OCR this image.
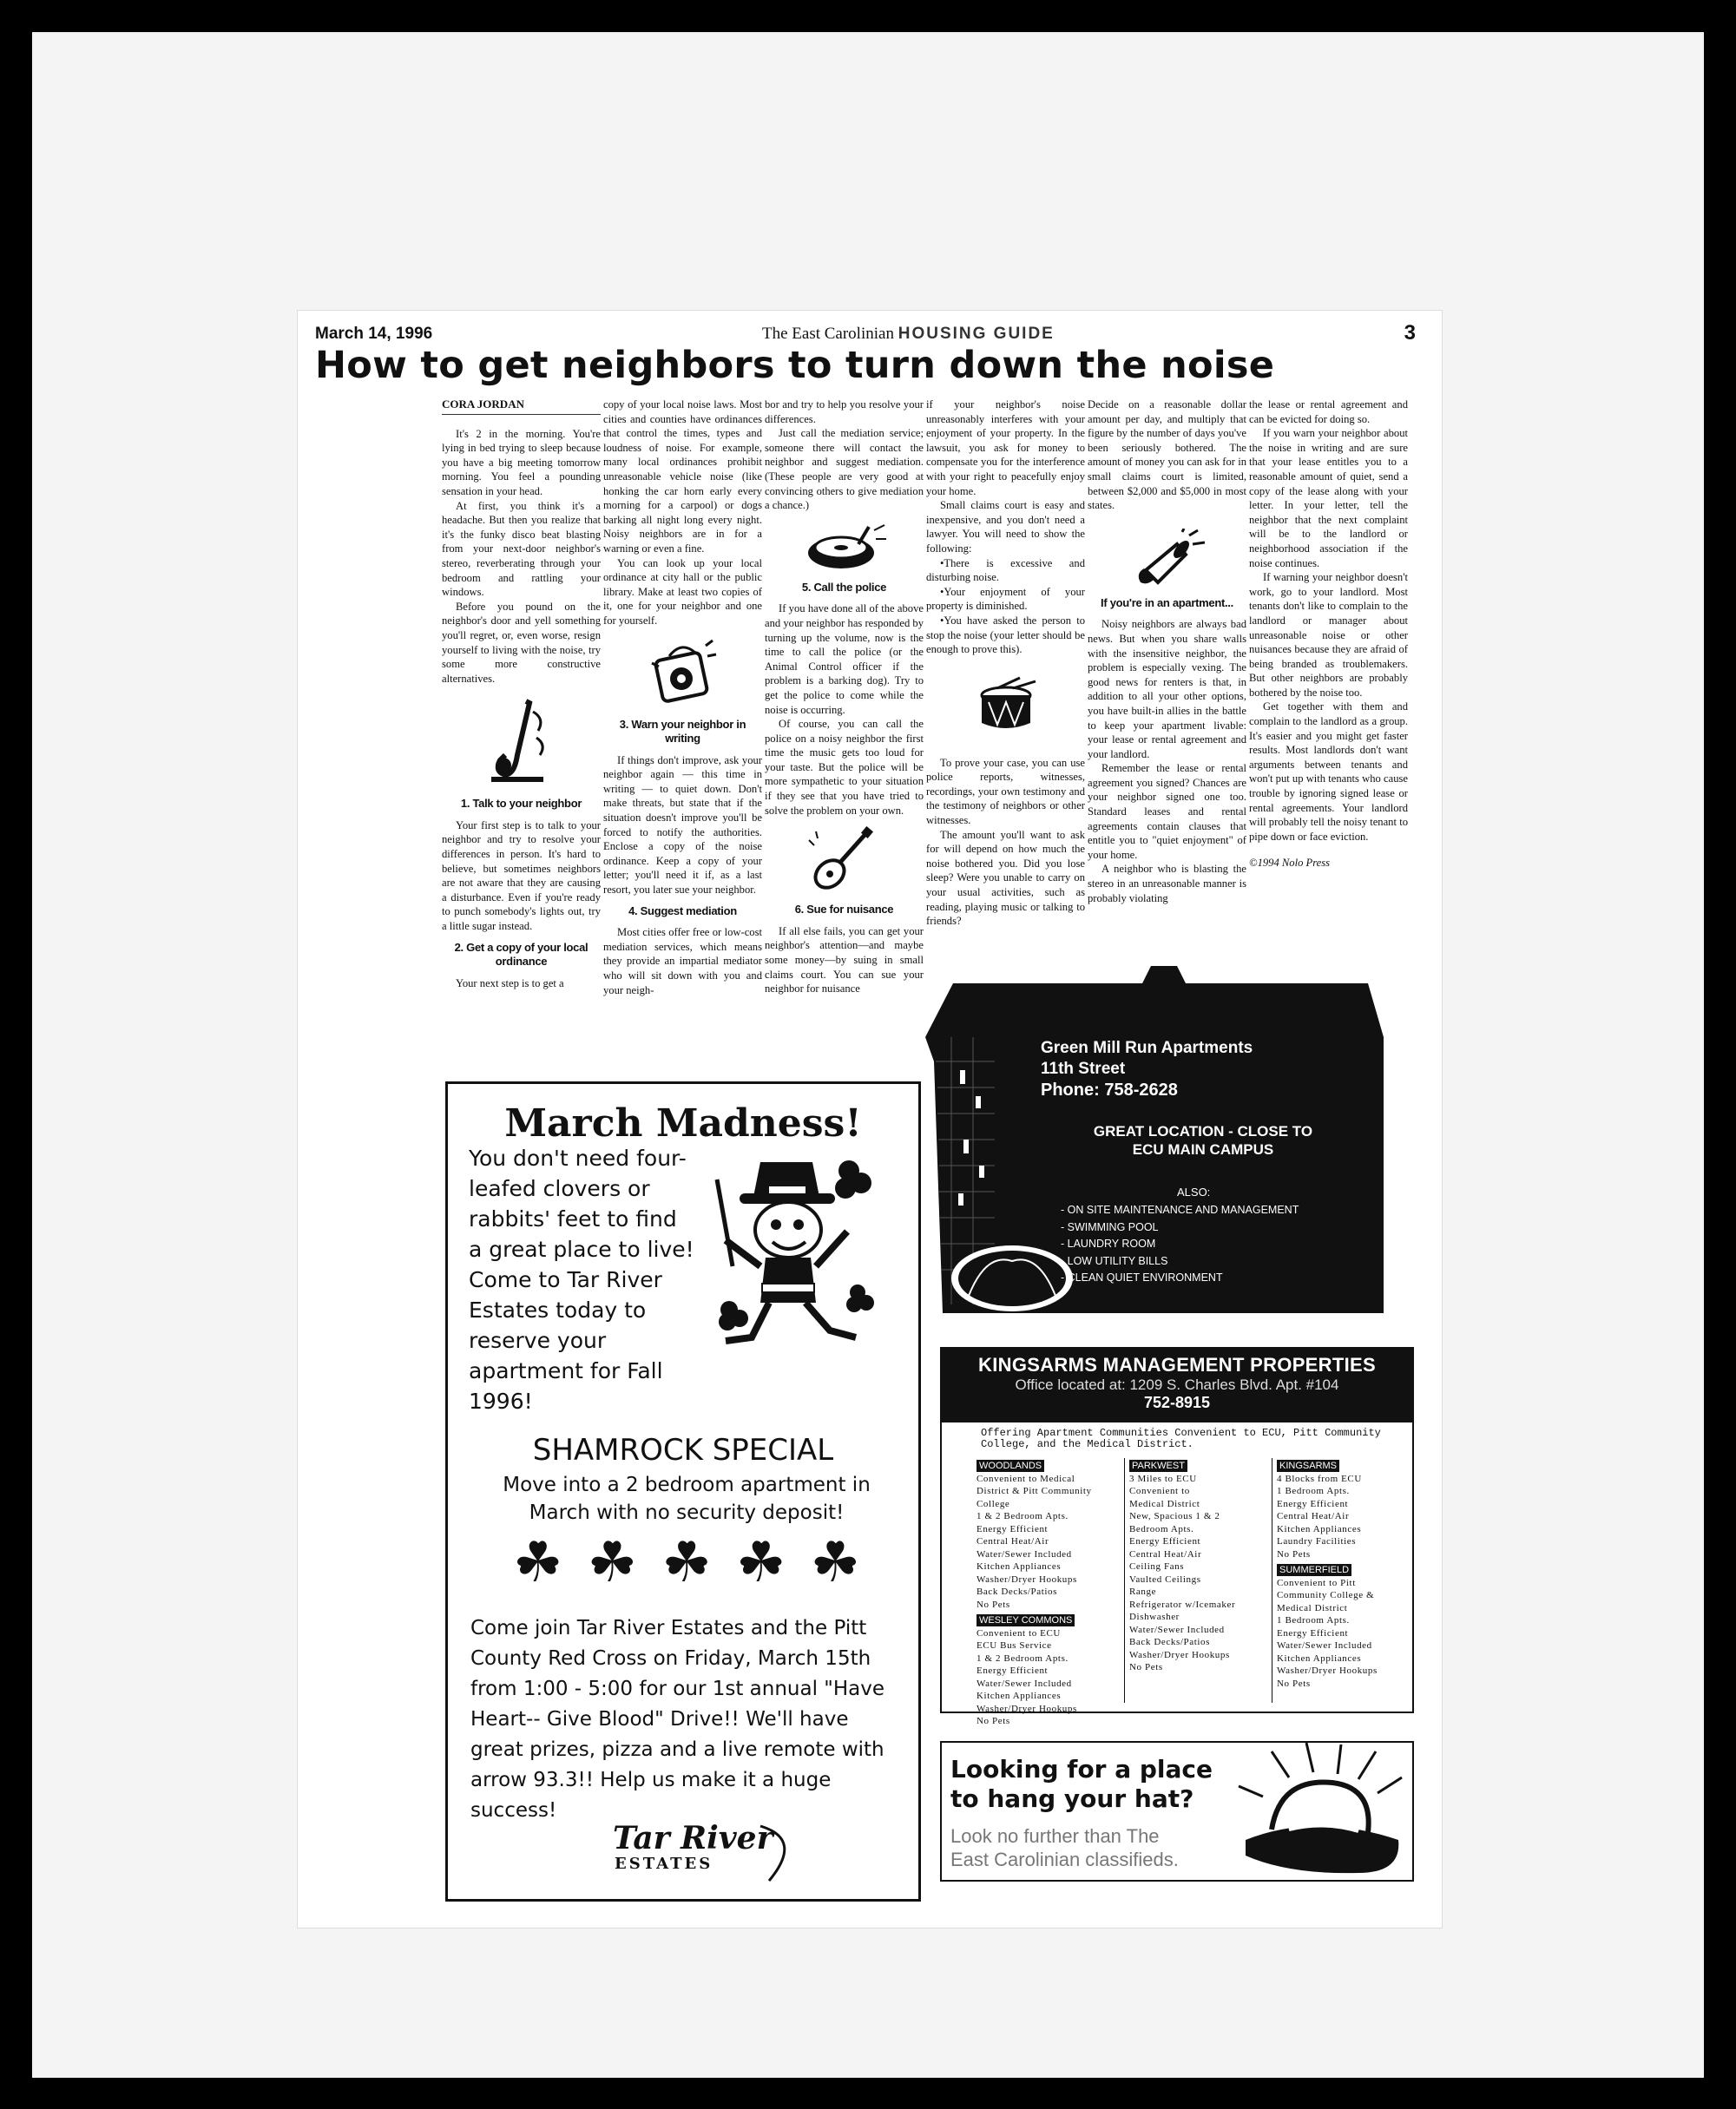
March 14, 1996	The East Carolinian HOUSING GUIDE	3
How to get neighbors to turn down the noise

CORA JORDAN

It's 2 in the morning. You're lying in bed trying to sleep because you have a big meeting tomorrow morning. You feel a pounding sensation in your head.

At first, you think it's a headache. But then you realize that it's the funky disco beat blasting from your next-door neighbor's stereo, reverberating through your bedroom and rattling your windows.

Before you pound on the neighbor's door and yell something you'll regret, or, even worse, resign yourself to living with the noise, try some more constructive alternatives.

1. Talk to your neighbor

Your first step is to talk to your neighbor and try to resolve your differences in person. It's hard to believe, but sometimes neighbors are not aware that they are causing a disturbance. Even if you're ready to punch somebody's lights out, try a little sugar instead.

2. Get a copy of your local ordinance

Your next step is to get a

copy of your local noise laws. Most cities and counties have ordinances that control the times, types and loudness of noise. For example, many local ordinances prohibit unreasonable vehicle noise (like honking the car horn early every morning for a carpool) or dogs barking all night long every night. Noisy neighbors are in for a warning or even a fine.

You can look up your local ordinance at city hall or the public library. Make at least two copies of it, one for your neighbor and one for yourself.

3. Warn your neighbor in writing

If things don't improve, ask your neighbor again — this time in writing — to quiet down. Don't make threats, but state that if the situation doesn't improve you'll be forced to notify the authorities. Enclose a copy of the noise ordinance. Keep a copy of your letter; you'll need it if, as a last resort, you later sue your neighbor.

4. Suggest mediation

Most cities offer free or low-cost mediation services, which means they provide an impartial mediator who will sit down with you and your neigh-

bor and try to help you resolve your differences.

Just call the mediation service; someone there will contact the neighbor and suggest mediation. (These people are very good at convincing others to give mediation a chance.)

5. Call the police

If you have done all of the above and your neighbor has responded by turning up the volume, now is the time to call the police (or the Animal Control officer if the problem is a barking dog). Try to get the police to come while the noise is occurring.

Of course, you can call the police on a noisy neighbor the first time the music gets too loud for your taste. But the police will be more sympathetic to your situation if they see that you have tried to solve the problem on your own.

6. Sue for nuisance

If all else fails, you can get your neighbor's attention—and maybe some money—by suing in small claims court. You can sue your neighbor for nuisance

if your neighbor's noise unreasonably interferes with your enjoyment of your property. In the lawsuit, you ask for money to compensate you for the interference with your right to peacefully enjoy your home.

Small claims court is easy and inexpensive, and you don't need a lawyer. You will need to show the following:

•There is excessive and disturbing noise.

•Your enjoyment of your property is diminished.

•You have asked the person to stop the noise (your letter should be enough to prove this).

To prove your case, you can use police reports, witnesses, recordings, your own testimony and the testimony of neighbors or other witnesses.

The amount you'll want to ask for will depend on how much the noise bothered you. Did you lose sleep? Were you unable to carry on your usual activities, such as reading, playing music or talking to friends?

Decide on a reasonable dollar amount per day, and multiply that figure by the number of days you've been seriously bothered. The amount of money you can ask for in small claims court is limited, between $2,000 and $5,000 in most states.

If you're in an apartment...

Noisy neighbors are always bad news. But when you share walls with the insensitive neighbor, the problem is especially vexing. The good news for renters is that, in addition to all your other options, you have built-in allies in the battle to keep your apartment livable: your lease or rental agreement and your landlord.

Remember the lease or rental agreement you signed? Chances are your neighbor signed one too. Standard leases and rental agreements contain clauses that entitle you to "quiet enjoyment" of your home.

A neighbor who is blasting the stereo in an unreasonable manner is probably violating

the lease or rental agreement and can be evicted for doing so.

If you warn your neighbor about the noise in writing and are sure that your lease entitles you to a reasonable amount of quiet, send a copy of the lease along with your letter. In your letter, tell the neighbor that the next complaint will be to the landlord or neighborhood association if the noise continues.

If warning your neighbor doesn't work, go to your landlord. Most tenants don't like to complain to the landlord or manager about unreasonable noise or other nuisances because they are afraid of being branded as troublemakers. But other neighbors are probably bothered by the noise too.

Get together with them and complain to the landlord as a group. It's easier and you might get faster results. Most landlords don't want arguments between tenants and won't put up with tenants who cause trouble by ignoring signed lease or rental agreements. Your landlord will probably tell the noisy tenant to pipe down or face eviction.

©1994 Nolo Press

March Madness!
You don't need four-leafed clovers or rabbits' feet to find a great place to live! Come to Tar River Estates today to reserve your apartment for Fall 1996!
SHAMROCK SPECIAL
Move into a 2 bedroom apartment in March with no security deposit!
☘ ☘ ☘ ☘ ☘
Come join Tar River Estates and the Pitt County Red Cross on Friday, March 15th from 1:00 - 5:00 for our 1st annual "Have Heart-- Give Blood" Drive!! We'll have great prizes, pizza and a live remote with arrow 93.3!! Help us make it a huge success!
Tar River
ESTATES
Green Mill Run Apartments
11th Street
Phone: 758-2628
GREAT LOCATION - CLOSE TO
ECU MAIN CAMPUS
ALSO:
- ON SITE MAINTENANCE AND MANAGEMENT
- SWIMMING POOL
- LAUNDRY ROOM
- LOW UTILITY BILLS
- CLEAN QUIET ENVIRONMENT
KINGSARMS MANAGEMENT PROPERTIES
Office located at: 1209 S. Charles Blvd. Apt. #104
752-8915
Offering Apartment Communities Convenient to ECU, Pitt Community College, and the Medical District.
WOODLANDS
Convenient to Medical
District & Pitt Community
College
1 & 2 Bedroom Apts.
Energy Efficient
Central Heat/Air
Water/Sewer Included
Kitchen Appliances
Washer/Dryer Hookups
Back Decks/Patios
No Pets
WESLEY COMMONS
Convenient to ECU
ECU Bus Service
1 & 2 Bedroom Apts.
Energy Efficient
Water/Sewer Included
Kitchen Appliances
Washer/Dryer Hookups
No Pets
PARKWEST
3 Miles to ECU
Convenient to
Medical District
New, Spacious 1 & 2
Bedroom Apts.
Energy Efficient
Central Heat/Air
Ceiling Fans
Vaulted Ceilings
Range
Refrigerator w/Icemaker
Dishwasher
Water/Sewer Included
Back Decks/Patios
Washer/Dryer Hookups
No Pets
KINGSARMS
4 Blocks from ECU
1 Bedroom Apts.
Energy Efficient
Central Heat/Air
Kitchen Appliances
Laundry Facilities
No Pets
SUMMERFIELD
Convenient to Pitt
Community College &
Medical District
1 Bedroom Apts.
Energy Efficient
Water/Sewer Included
Kitchen Appliances
Washer/Dryer Hookups
No Pets
Looking for a place
to hang your hat?
Look no further than The
East Carolinian classifieds.
